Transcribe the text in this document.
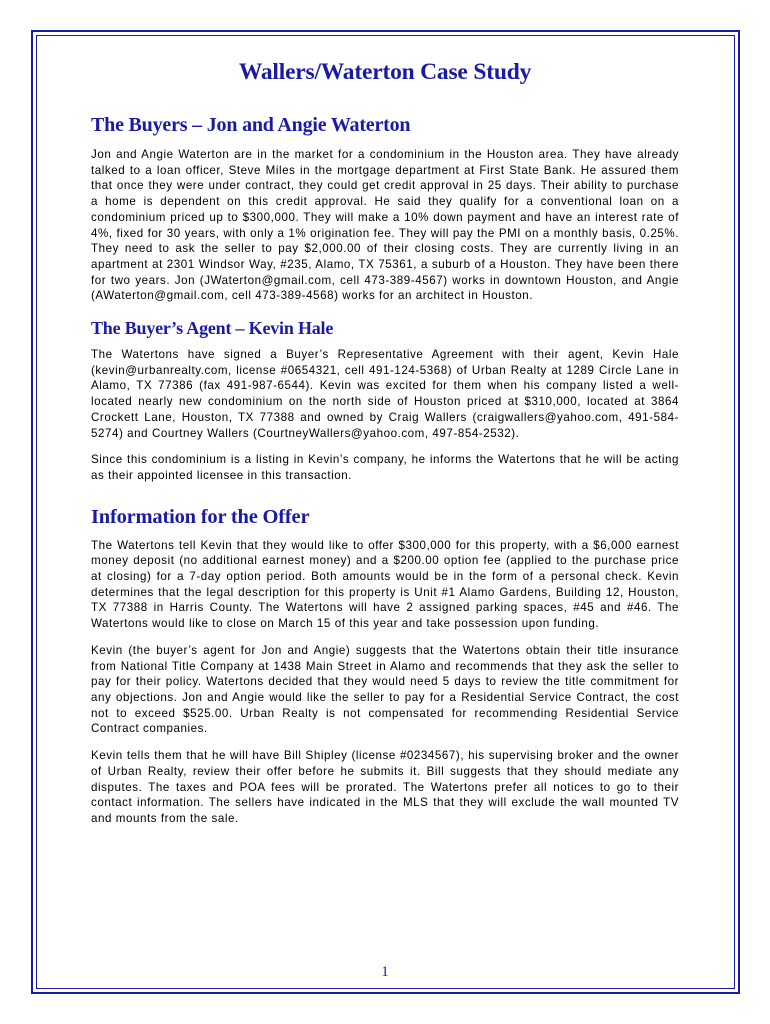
Wallers/Waterton Case Study
The Buyers – Jon and Angie Waterton

Jon and Angie Waterton are in the market for a condominium in the Houston area. They have already talked to a loan officer, Steve Miles in the mortgage department at First State Bank. He assured them that once they were under contract, they could get credit approval in 25 days. Their ability to purchase a home is dependent on this credit approval. He said they qualify for a conventional loan on a condominium priced up to $300,000. They will make a 10% down payment and have an interest rate of 4%, fixed for 30 years, with only a 1% origination fee. They will pay the PMI on a monthly basis, 0.25%. They need to ask the seller to pay $2,000.00 of their closing costs. They are currently living in an apartment at 2301 Windsor Way, #235, Alamo, TX 75361, a suburb of a Houston. They have been there for two years. Jon (JWaterton@gmail.com, cell 473-389-4567) works in downtown Houston, and Angie (AWaterton@gmail.com, cell 473-389-4568) works for an architect in Houston.

The Buyer’s Agent – Kevin Hale

The Watertons have signed a Buyer’s Representative Agreement with their agent, Kevin Hale (kevin@urbanrealty.com, license #0654321, cell 491-124-5368) of Urban Realty at 1289 Circle Lane in Alamo, TX 77386 (fax 491-987-6544). Kevin was excited for them when his company listed a well-located nearly new condominium on the north side of Houston priced at $310,000, located at 3864 Crockett Lane, Houston, TX 77388 and owned by Craig Wallers (craigwallers@yahoo.com, 491-584-5274) and Courtney Wallers (CourtneyWallers@yahoo.com, 497-854-2532).

Since this condominium is a listing in Kevin’s company, he informs the Watertons that he will be acting as their appointed licensee in this transaction.

Information for the Offer

The Watertons tell Kevin that they would like to offer $300,000 for this property, with a $6,000 earnest money deposit (no additional earnest money) and a $200.00 option fee (applied to the purchase price at closing) for a 7-day option period. Both amounts would be in the form of a personal check. Kevin determines that the legal description for this property is Unit #1 Alamo Gardens, Building 12, Houston, TX 77388 in Harris County. The Watertons will have 2 assigned parking spaces, #45 and #46. The Watertons would like to close on March 15 of this year and take possession upon funding.

Kevin (the buyer’s agent for Jon and Angie) suggests that the Watertons obtain their title insurance from National Title Company at 1438 Main Street in Alamo and recommends that they ask the seller to pay for their policy. Watertons decided that they would need 5 days to review the title commitment for any objections. Jon and Angie would like the seller to pay for a Residential Service Contract, the cost not to exceed $525.00. Urban Realty is not compensated for recommending Residential Service Contract companies.

Kevin tells them that he will have Bill Shipley (license #0234567), his supervising broker and the owner of Urban Realty, review their offer before he submits it. Bill suggests that they should mediate any disputes. The taxes and POA fees will be prorated. The Watertons prefer all notices to go to their contact information. The sellers have indicated in the MLS that they will exclude the wall mounted TV and mounts from the sale.

1
